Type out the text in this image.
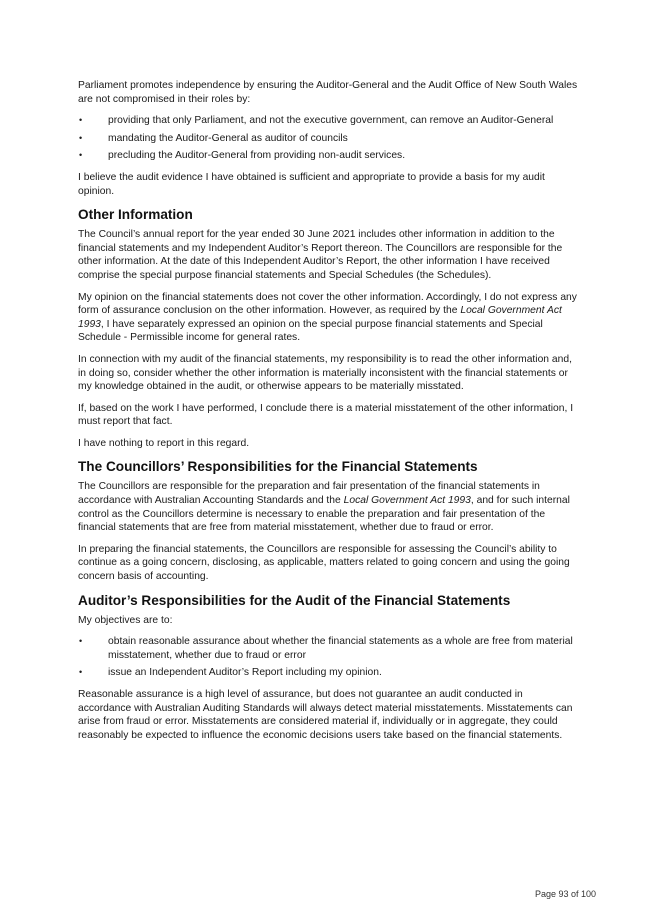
Parliament promotes independence by ensuring the Auditor-General and the Audit Office of New South Wales are not compromised in their roles by:

•	providing that only Parliament, and not the executive government, can remove an Auditor-General
•	mandating the Auditor-General as auditor of councils
•	precluding the Auditor-General from providing non-audit services.

I believe the audit evidence I have obtained is sufficient and appropriate to provide a basis for my audit opinion.

Other Information

The Council’s annual report for the year ended 30 June 2021 includes other information in addition to the financial statements and my Independent Auditor’s Report thereon. The Councillors are responsible for the other information. At the date of this Independent Auditor’s Report, the other information I have received comprise the special purpose financial statements and Special Schedules (the Schedules).

My opinion on the financial statements does not cover the other information. Accordingly, I do not express any form of assurance conclusion on the other information. However, as required by the Local Government Act 1993, I have separately expressed an opinion on the special purpose financial statements and Special Schedule - Permissible income for general rates.

In connection with my audit of the financial statements, my responsibility is to read the other information and, in doing so, consider whether the other information is materially inconsistent with the financial statements or my knowledge obtained in the audit, or otherwise appears to be materially misstated.

If, based on the work I have performed, I conclude there is a material misstatement of the other information, I must report that fact.

I have nothing to report in this regard.

The Councillors’ Responsibilities for the Financial Statements

The Councillors are responsible for the preparation and fair presentation of the financial statements in accordance with Australian Accounting Standards and the Local Government Act 1993, and for such internal control as the Councillors determine is necessary to enable the preparation and fair presentation of the financial statements that are free from material misstatement, whether due to fraud or error.

In preparing the financial statements, the Councillors are responsible for assessing the Council’s ability to continue as a going concern, disclosing, as applicable, matters related to going concern and using the going concern basis of accounting.

Auditor’s Responsibilities for the Audit of the Financial Statements

My objectives are to:

•	obtain reasonable assurance about whether the financial statements as a whole are free from material misstatement, whether due to fraud or error
•	issue an Independent Auditor’s Report including my opinion.

Reasonable assurance is a high level of assurance, but does not guarantee an audit conducted in accordance with Australian Auditing Standards will always detect material misstatements. Misstatements can arise from fraud or error. Misstatements are considered material if, individually or in aggregate, they could reasonably be expected to influence the economic decisions users take based on the financial statements.

Page 93 of 100
